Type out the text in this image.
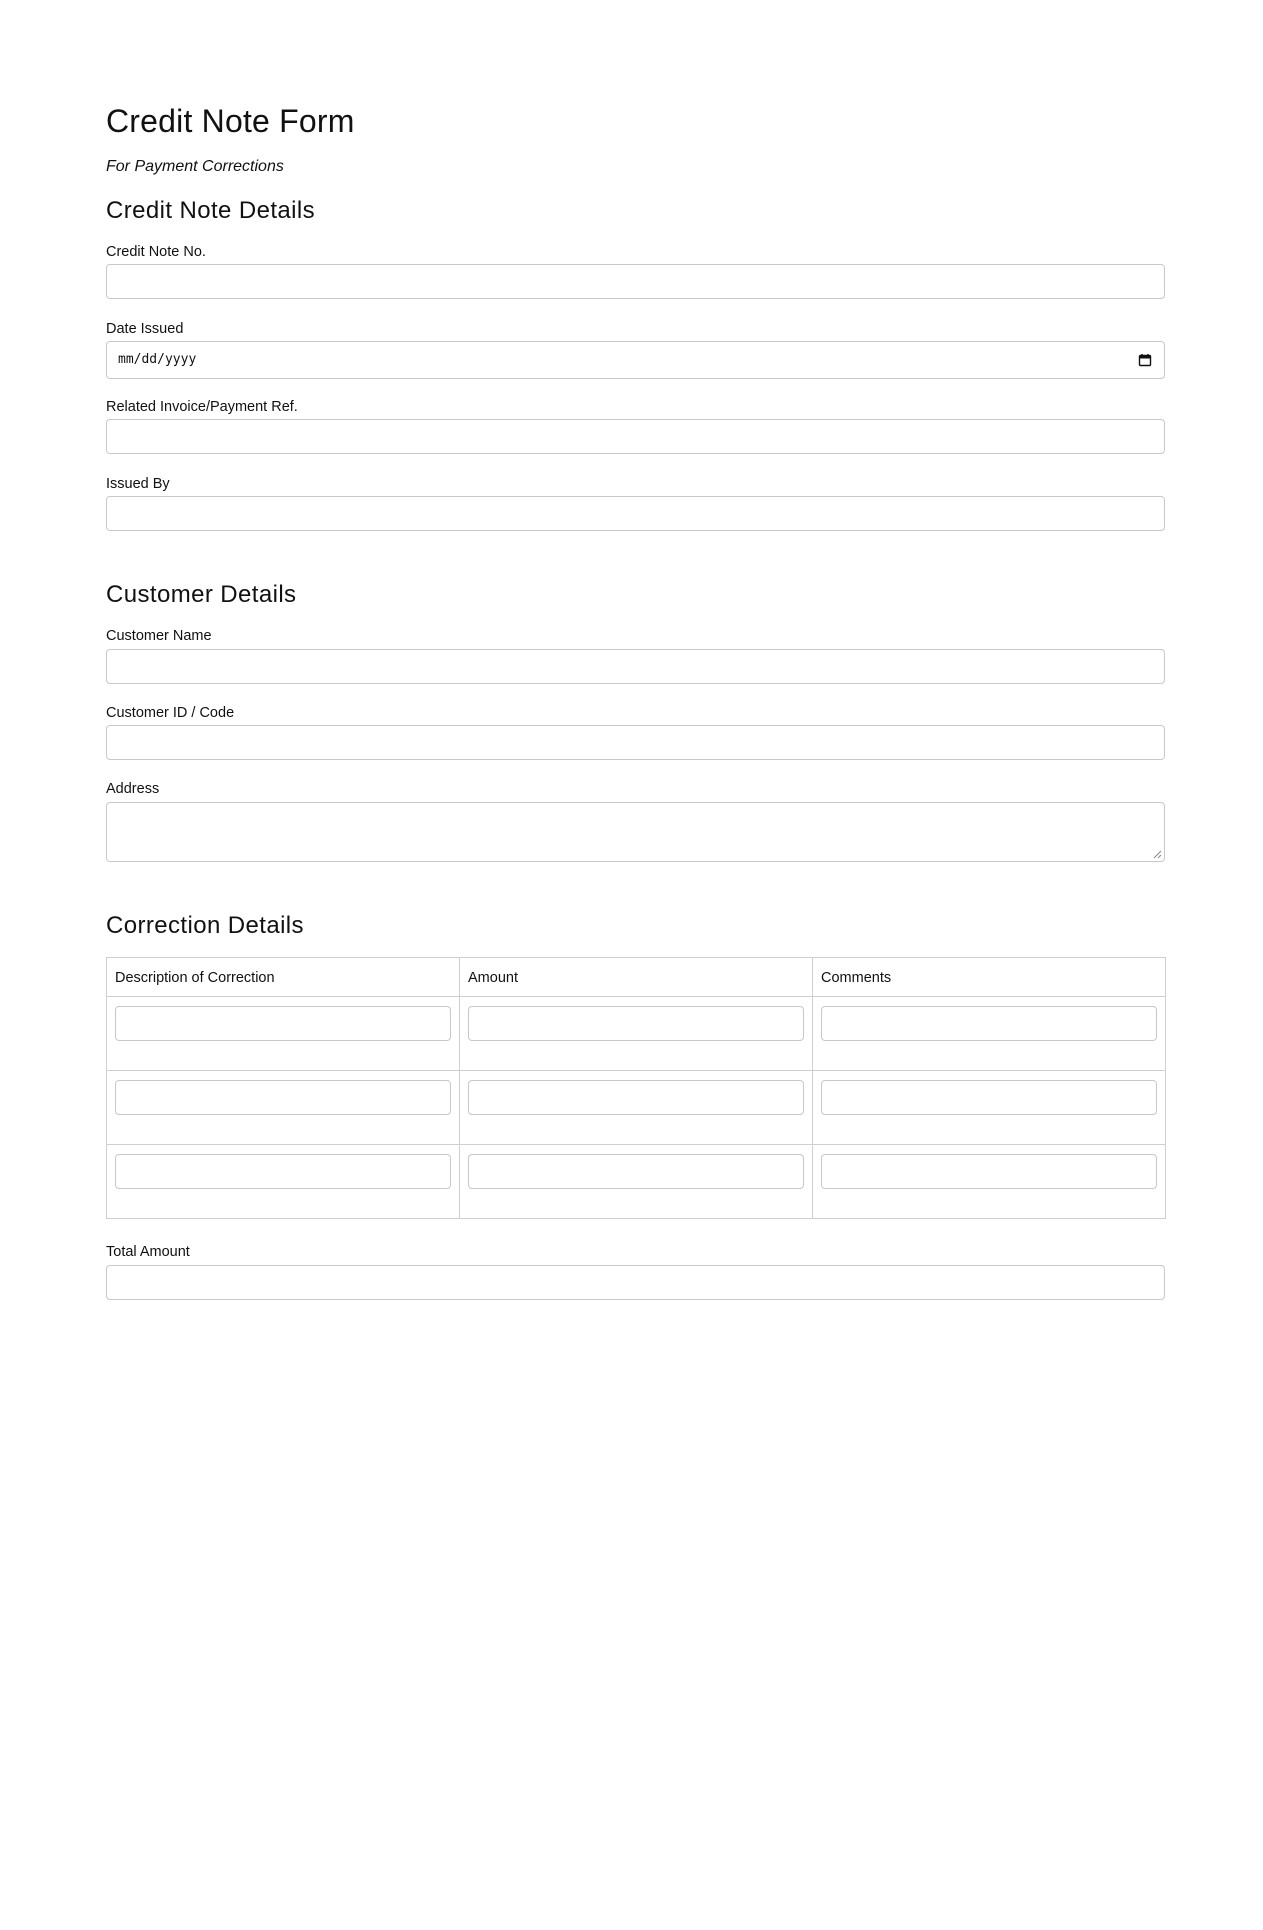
Credit Note Form

For Payment Corrections

Credit Note Details
Credit Note No.
Date Issued
mm/dd/yyyy
Related Invoice/Payment Ref.
Issued By
Customer Details
Customer Name
Customer ID / Code
Address
Correction Details
Description of Correction	Amount	Comments

Total Amount
